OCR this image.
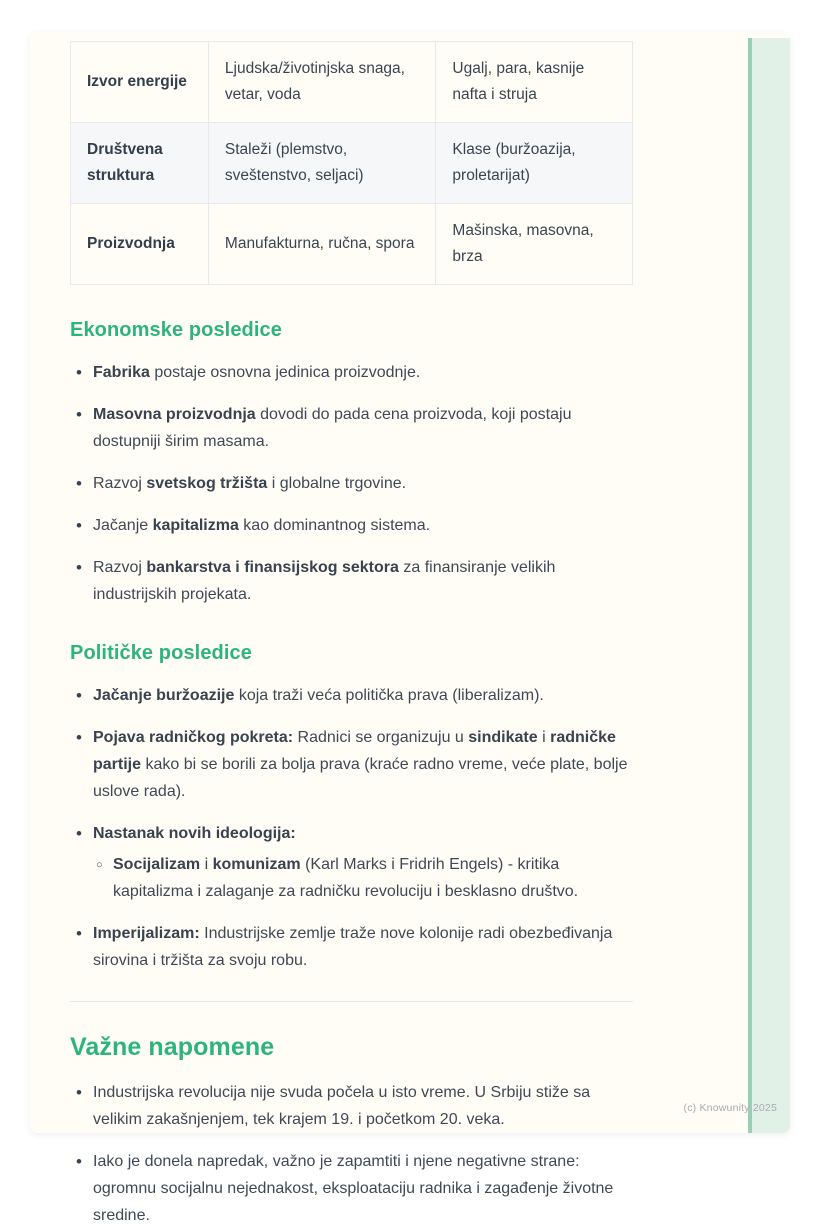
Izvor energije	Ljudska/životinjska snaga, vetar, voda	Ugalj, para, kasnije nafta i struja
Društvena struktura	Staleži (plemstvo, sveštenstvo, seljaci)	Klase (buržoazija, proletarijat)
Proizvodnja	Manufakturna, ručna, spora	Mašinska, masovna, brza
Ekonomske posledice
• Fabrika postaje osnovna jedinica proizvodnje.
• Masovna proizvodnja dovodi do pada cena proizvoda, koji postaju dostupniji širim masama.
• Razvoj svetskog tržišta i globalne trgovine.
• Jačanje kapitalizma kao dominantnog sistema.
• Razvoj bankarstva i finansijskog sektora za finansiranje velikih industrijskih projekata.
Političke posledice
• Jačanje buržoazije koja traži veća politička prava (liberalizam).
• Pojava radničkog pokreta: Radnici se organizuju u sindikate i radničke partije kako bi se borili za bolja prava (kraće radno vreme, veće plate, bolje uslove rada).
• Nastanak novih ideologija:
○ Socijalizam i komunizam (Karl Marks i Fridrih Engels) - kritika kapitalizma i zalaganje za radničku revoluciju i besklasno društvo.
• Imperijalizam: Industrijske zemlje traže nove kolonije radi obezbeđivanja sirovina i tržišta za svoju robu.
Važne napomene
• Industrijska revolucija nije svuda počela u isto vreme. U Srbiju stiže sa velikim zakašnjenjem, tek krajem 19. i početkom 20. veka.
• Iako je donela napredak, važno je zapamtiti i njene negativne strane: ogromnu socijalnu nejednakost, eksploataciju radnika i zagađenje životne sredine.
(c) Knowunity 2025
